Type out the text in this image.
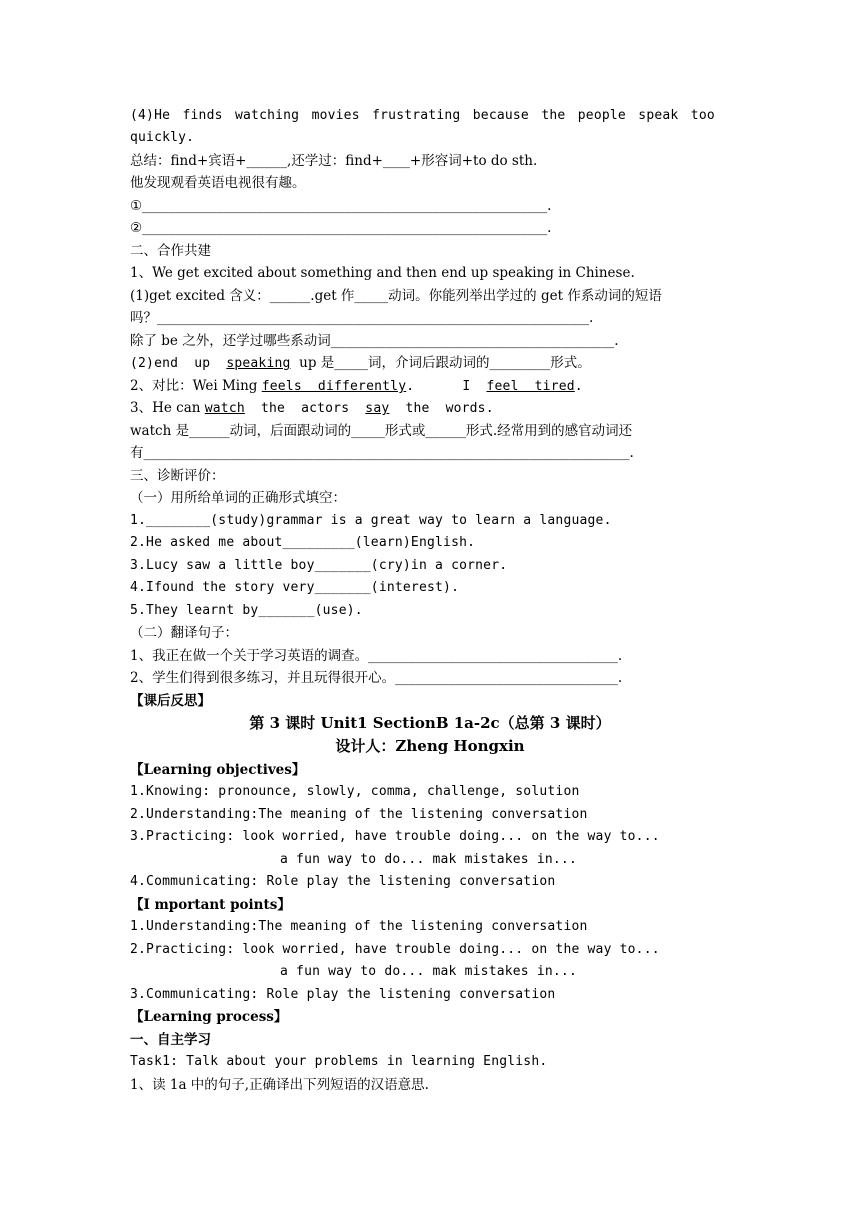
(4)He finds watching movies frustrating because the people speak too
quickly.
总结：find+宾语+______,还学过：find+____+形容词+to do sth.
他发现观看英语电视很有趣。
①____________________________________________________________.
②____________________________________________________________.
二、合作共建
1、We get excited about something and then end up speaking in Chinese.
(1)get excited 含义：______.get 作_____动词。你能列举出学过的 get 作系动词的短语
吗？________________________________________________________________.
除了 be 之外，还学过哪些系动词__________________________________________.
(2)end  up  speaking  up 是_____词，介词后跟动词的_________形式。
2、对比：Wei Ming feels  differently.      I  feel  tired.
3、He can watch  the  actors  say  the  words.
watch 是______动词，后面跟动词的_____形式或______形式.经常用到的感官动词还
有________________________________________________________________________.
三、诊断评价：
（一）用所给单词的正确形式填空：
1.________(study)grammar is a great way to learn a language.
2.He asked me about_________(learn)English.
3.Lucy saw a little boy_______(cry)in a corner.
4.Ifound the story very_______(interest).
5.They learnt by_______(use).
（二）翻译句子：
1、我正在做一个关于学习英语的调查。_____________________________________.
2、学生们得到很多练习，并且玩得很开心。_________________________________.
【课后反思】
第 3 课时 Unit1 SectionB 1a-2c（总第 3 课时）
设计人：Zheng Hongxin
【Learning objectives】
1.Knowing: pronounce, slowly, comma, challenge, solution
2.Understanding:The meaning of the listening conversation
3.Practicing: look worried, have trouble doing... on the way to...
a fun way to do... mak mistakes in...
4.Communicating: Role play the listening conversation
【I mportant points】
1.Understanding:The meaning of the listening conversation
2.Practicing: look worried, have trouble doing... on the way to...
a fun way to do... mak mistakes in...
3.Communicating: Role play the listening conversation
【Learning process】
一、自主学习
Task1: Talk about your problems in learning English.
1、读 1a 中的句子,正确译出下列短语的汉语意思.
